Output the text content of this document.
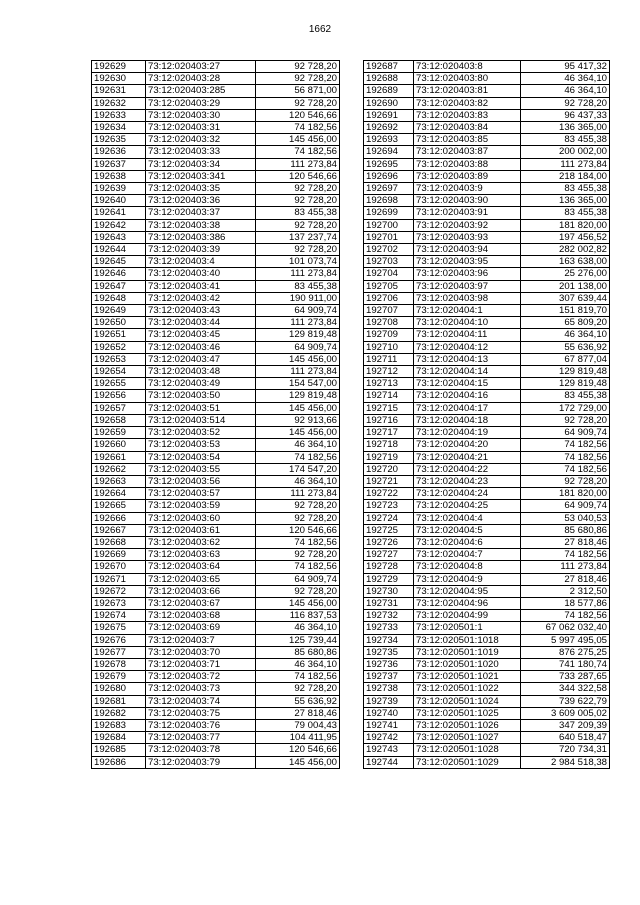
1662
192629	73:12:020403:27	92 728,20
192630	73:12:020403:28	92 728,20
192631	73:12:020403:285	56 871,00
192632	73:12:020403:29	92 728,20
192633	73:12:020403:30	120 546,66
192634	73:12:020403:31	74 182,56
192635	73:12:020403:32	145 456,00
192636	73:12:020403:33	74 182,56
192637	73:12:020403:34	111 273,84
192638	73:12:020403:341	120 546,66
192639	73:12:020403:35	92 728,20
192640	73:12:020403:36	92 728,20
192641	73:12:020403:37	83 455,38
192642	73:12:020403:38	92 728,20
192643	73:12:020403:386	137 237,74
192644	73:12:020403:39	92 728,20
192645	73:12:020403:4	101 073,74
192646	73:12:020403:40	111 273,84
192647	73:12:020403:41	83 455,38
192648	73:12:020403:42	190 911,00
192649	73:12:020403:43	64 909,74
192650	73:12:020403:44	111 273,84
192651	73:12:020403:45	129 819,48
192652	73:12:020403:46	64 909,74
192653	73:12:020403:47	145 456,00
192654	73:12:020403:48	111 273,84
192655	73:12:020403:49	154 547,00
192656	73:12:020403:50	129 819,48
192657	73:12:020403:51	145 456,00
192658	73:12:020403:514	92 913,66
192659	73:12:020403:52	145 456,00
192660	73:12:020403:53	46 364,10
192661	73:12:020403:54	74 182,56
192662	73:12:020403:55	174 547,20
192663	73:12:020403:56	46 364,10
192664	73:12:020403:57	111 273,84
192665	73:12:020403:59	92 728,20
192666	73:12:020403:60	92 728,20
192667	73:12:020403:61	120 546,66
192668	73:12:020403:62	74 182,56
192669	73:12:020403:63	92 728,20
192670	73:12:020403:64	74 182,56
192671	73:12:020403:65	64 909,74
192672	73:12:020403:66	92 728,20
192673	73:12:020403:67	145 456,00
192674	73:12:020403:68	116 837,53
192675	73:12:020403:69	46 364,10
192676	73:12:020403:7	125 739,44
192677	73:12:020403:70	85 680,86
192678	73:12:020403:71	46 364,10
192679	73:12:020403:72	74 182,56
192680	73:12:020403:73	92 728,20
192681	73:12:020403:74	55 636,92
192682	73:12:020403:75	27 818,46
192683	73:12:020403:76	79 004,43
192684	73:12:020403:77	104 411,95
192685	73:12:020403:78	120 546,66
192686	73:12:020403:79	145 456,00
192687	73:12:020403:8	95 417,32
192688	73:12:020403:80	46 364,10
192689	73:12:020403:81	46 364,10
192690	73:12:020403:82	92 728,20
192691	73:12:020403:83	96 437,33
192692	73:12:020403:84	136 365,00
192693	73:12:020403:85	83 455,38
192694	73:12:020403:87	200 002,00
192695	73:12:020403:88	111 273,84
192696	73:12:020403:89	218 184,00
192697	73:12:020403:9	83 455,38
192698	73:12:020403:90	136 365,00
192699	73:12:020403:91	83 455,38
192700	73:12:020403:92	181 820,00
192701	73:12:020403:93	197 456,52
192702	73:12:020403:94	282 002,82
192703	73:12:020403:95	163 638,00
192704	73:12:020403:96	25 276,00
192705	73:12:020403:97	201 138,00
192706	73:12:020403:98	307 639,44
192707	73:12:020404:1	151 819,70
192708	73:12:020404:10	65 809,20
192709	73:12:020404:11	46 364,10
192710	73:12:020404:12	55 636,92
192711	73:12:020404:13	67 877,04
192712	73:12:020404:14	129 819,48
192713	73:12:020404:15	129 819,48
192714	73:12:020404:16	83 455,38
192715	73:12:020404:17	172 729,00
192716	73:12:020404:18	92 728,20
192717	73:12:020404:19	64 909,74
192718	73:12:020404:20	74 182,56
192719	73:12:020404:21	74 182,56
192720	73:12:020404:22	74 182,56
192721	73:12:020404:23	92 728,20
192722	73:12:020404:24	181 820,00
192723	73:12:020404:25	64 909,74
192724	73:12:020404:4	53 040,53
192725	73:12:020404:5	85 680,86
192726	73:12:020404:6	27 818,46
192727	73:12:020404:7	74 182,56
192728	73:12:020404:8	111 273,84
192729	73:12:020404:9	27 818,46
192730	73:12:020404:95	2 312,50
192731	73:12:020404:96	18 577,86
192732	73:12:020404:99	74 182,56
192733	73:12:020501:1	67 062 032,40
192734	73:12:020501:1018	5 997 495,05
192735	73:12:020501:1019	876 275,25
192736	73:12:020501:1020	741 180,74
192737	73:12:020501:1021	733 287,65
192738	73:12:020501:1022	344 322,58
192739	73:12:020501:1024	739 622,79
192740	73:12:020501:1025	3 609 005,02
192741	73:12:020501:1026	347 209,39
192742	73:12:020501:1027	640 518,47
192743	73:12:020501:1028	720 734,31
192744	73:12:020501:1029	2 984 518,38
